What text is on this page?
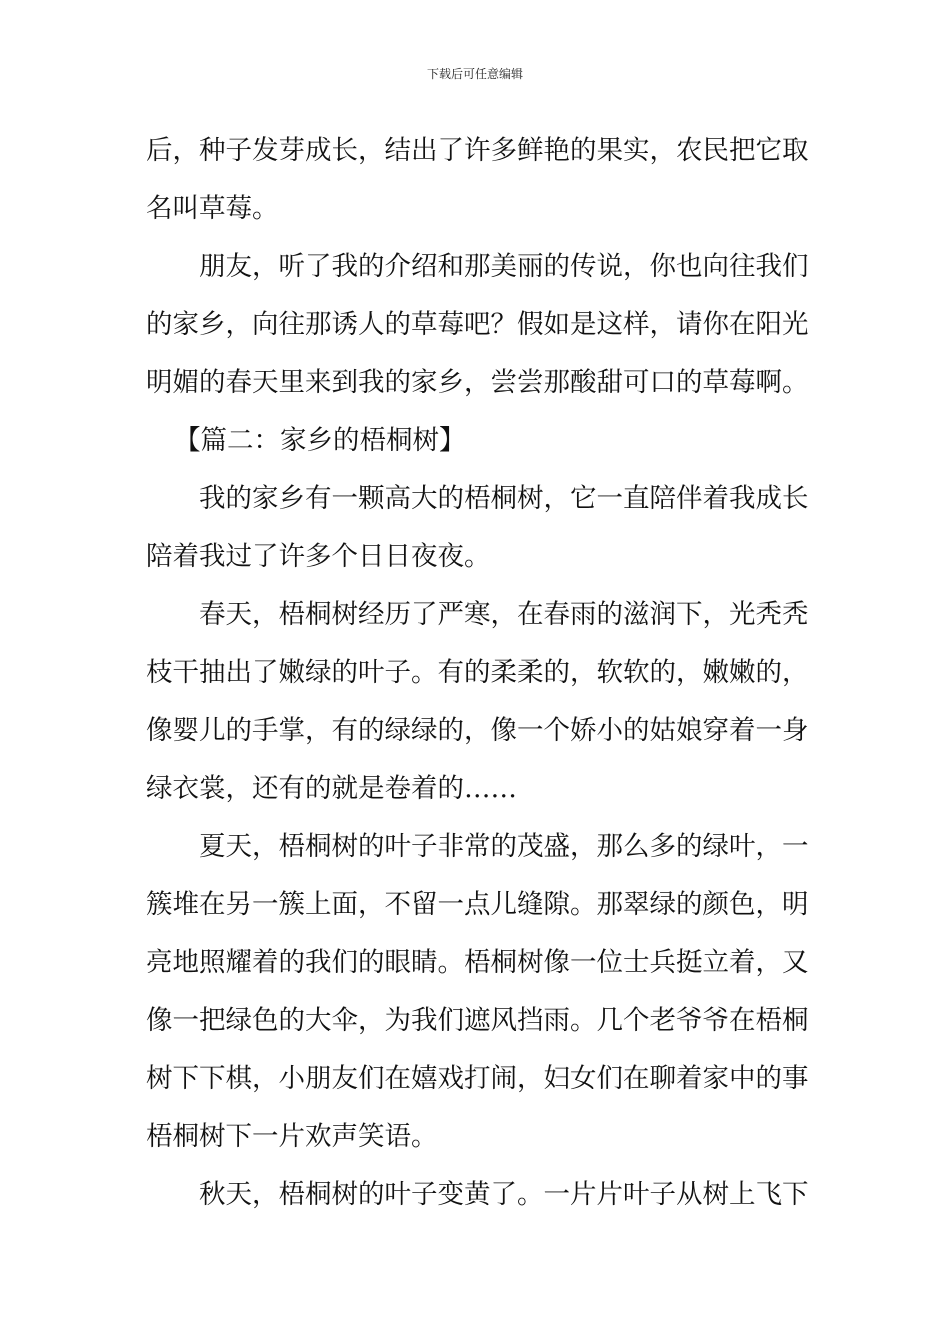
下载后可任意编辑
后，种子发芽成长，结出了许多鲜艳的果实，农民把它取
名叫草莓。
朋友，听了我的介绍和那美丽的传说，你也向往我们
的家乡，向往那诱人的草莓吧？假如是这样，请你在阳光
明媚的春天里来到我的家乡，尝尝那酸甜可口的草莓啊。
【篇二：家乡的梧桐树】
我的家乡有一颗高大的梧桐树，它一直陪伴着我成长
陪着我过了许多个日日夜夜。
春天，梧桐树经历了严寒，在春雨的滋润下，光秃秃
枝干抽出了嫩绿的叶子。有的柔柔的，软软的，嫩嫩的，
像婴儿的手掌，有的绿绿的，像一个娇小的姑娘穿着一身
绿衣裳，还有的就是卷着的……
夏天，梧桐树的叶子非常的茂盛，那么多的绿叶，一
簇堆在另一簇上面，不留一点儿缝隙。那翠绿的颜色，明
亮地照耀着的我们的眼睛。梧桐树像一位士兵挺立着，又
像一把绿色的大伞，为我们遮风挡雨。几个老爷爷在梧桐
树下下棋，小朋友们在嬉戏打闹，妇女们在聊着家中的事
梧桐树下一片欢声笑语。
秋天，梧桐树的叶子变黄了。一片片叶子从树上飞下
